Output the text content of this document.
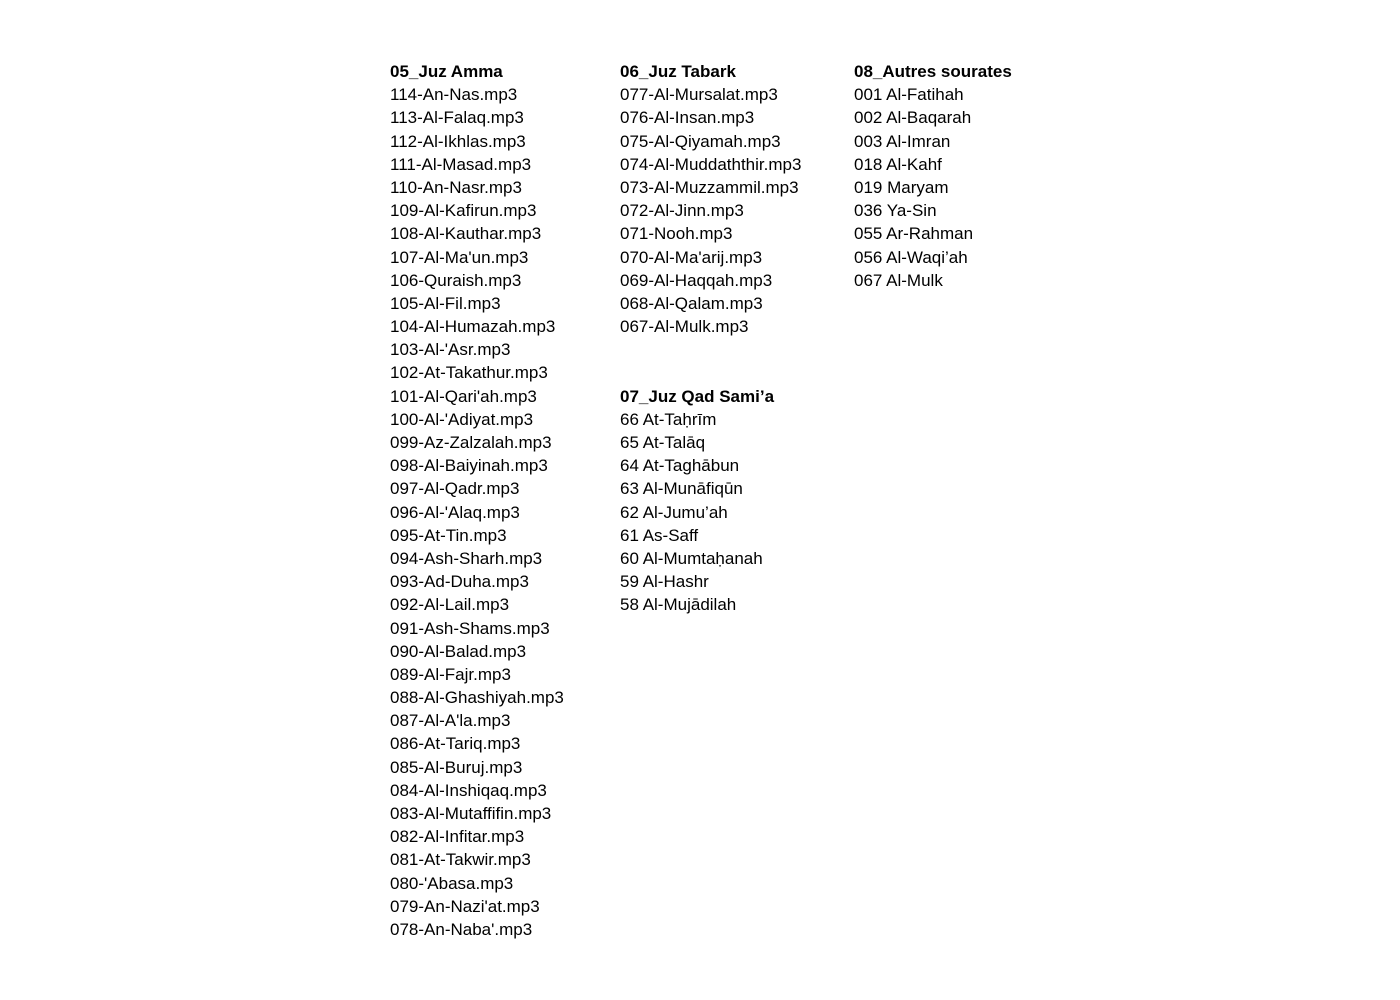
05_Juz Amma
114-An-Nas.mp3
113-Al-Falaq.mp3
112-Al-Ikhlas.mp3
111-Al-Masad.mp3
110-An-Nasr.mp3
109-Al-Kafirun.mp3
108-Al-Kauthar.mp3
107-Al-Ma'un.mp3
106-Quraish.mp3
105-Al-Fil.mp3
104-Al-Humazah.mp3
103-Al-'Asr.mp3
102-At-Takathur.mp3
101-Al-Qari'ah.mp3
100-Al-'Adiyat.mp3
099-Az-Zalzalah.mp3
098-Al-Baiyinah.mp3
097-Al-Qadr.mp3
096-Al-'Alaq.mp3
095-At-Tin.mp3
094-Ash-Sharh.mp3
093-Ad-Duha.mp3
092-Al-Lail.mp3
091-Ash-Shams.mp3
090-Al-Balad.mp3
089-Al-Fajr.mp3
088-Al-Ghashiyah.mp3
087-Al-A'la.mp3
086-At-Tariq.mp3
085-Al-Buruj.mp3
084-Al-Inshiqaq.mp3
083-Al-Mutaffifin.mp3
082-Al-Infitar.mp3
081-At-Takwir.mp3
080-'Abasa.mp3
079-An-Nazi'at.mp3
078-An-Naba'.mp3
06_Juz Tabark
077-Al-Mursalat.mp3
076-Al-Insan.mp3
075-Al-Qiyamah.mp3
074-Al-Muddaththir.mp3
073-Al-Muzzammil.mp3
072-Al-Jinn.mp3
071-Nooh.mp3
070-Al-Ma'arij.mp3
069-Al-Haqqah.mp3
068-Al-Qalam.mp3
067-Al-Mulk.mp3
07_Juz Qad Sami’a
66 At-Taḥrīm
65 At-Talāq
64 At-Taghābun
63 Al-Munāfiqūn
62 Al-Jumu’ah
61 As-Saff
60 Al-Mumtaḥanah
59 Al-Hashr
58 Al-Mujādilah
08_Autres sourates
001 Al-Fatihah
002 Al-Baqarah
003 Al-Imran
018 Al-Kahf
019 Maryam
036 Ya-Sin
055 Ar-Rahman
056 Al-Waqi’ah
067 Al-Mulk
